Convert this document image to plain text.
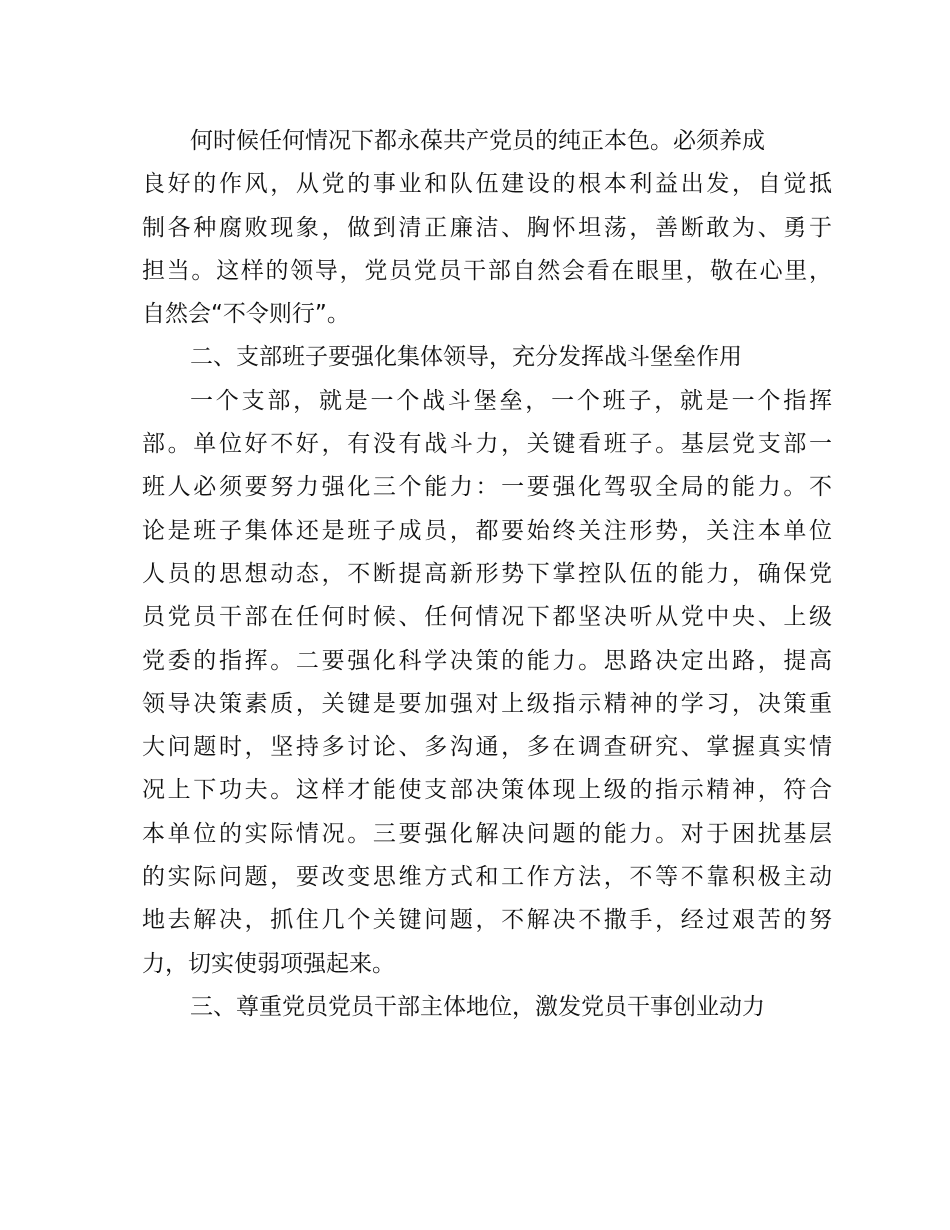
何时候任何情况下都永葆共产党员的纯正本色。必须养成
良好的作风，从党的事业和队伍建设的根本利益出发，自觉抵
制各种腐败现象，做到清正廉洁、胸怀坦荡，善断敢为、勇于
担当。这样的领导，党员党员干部自然会看在眼里，敬在心里，
自然会“不令则行”。
二、支部班子要强化集体领导，充分发挥战斗堡垒作用
一个支部，就是一个战斗堡垒，一个班子，就是一个指挥
部。单位好不好，有没有战斗力，关键看班子。基层党支部一
班人必须要努力强化三个能力：一要强化驾驭全局的能力。不
论是班子集体还是班子成员，都要始终关注形势，关注本单位
人员的思想动态，不断提高新形势下掌控队伍的能力，确保党
员党员干部在任何时候、任何情况下都坚决听从党中央、上级
党委的指挥。二要强化科学决策的能力。思路决定出路，提高
领导决策素质，关键是要加强对上级指示精神的学习，决策重
大问题时，坚持多讨论、多沟通，多在调查研究、掌握真实情
况上下功夫。这样才能使支部决策体现上级的指示精神，符合
本单位的实际情况。三要强化解决问题的能力。对于困扰基层
的实际问题，要改变思维方式和工作方法，不等不靠积极主动
地去解决，抓住几个关键问题，不解决不撒手，经过艰苦的努
力，切实使弱项强起来。
三、尊重党员党员干部主体地位，激发党员干事创业动力
